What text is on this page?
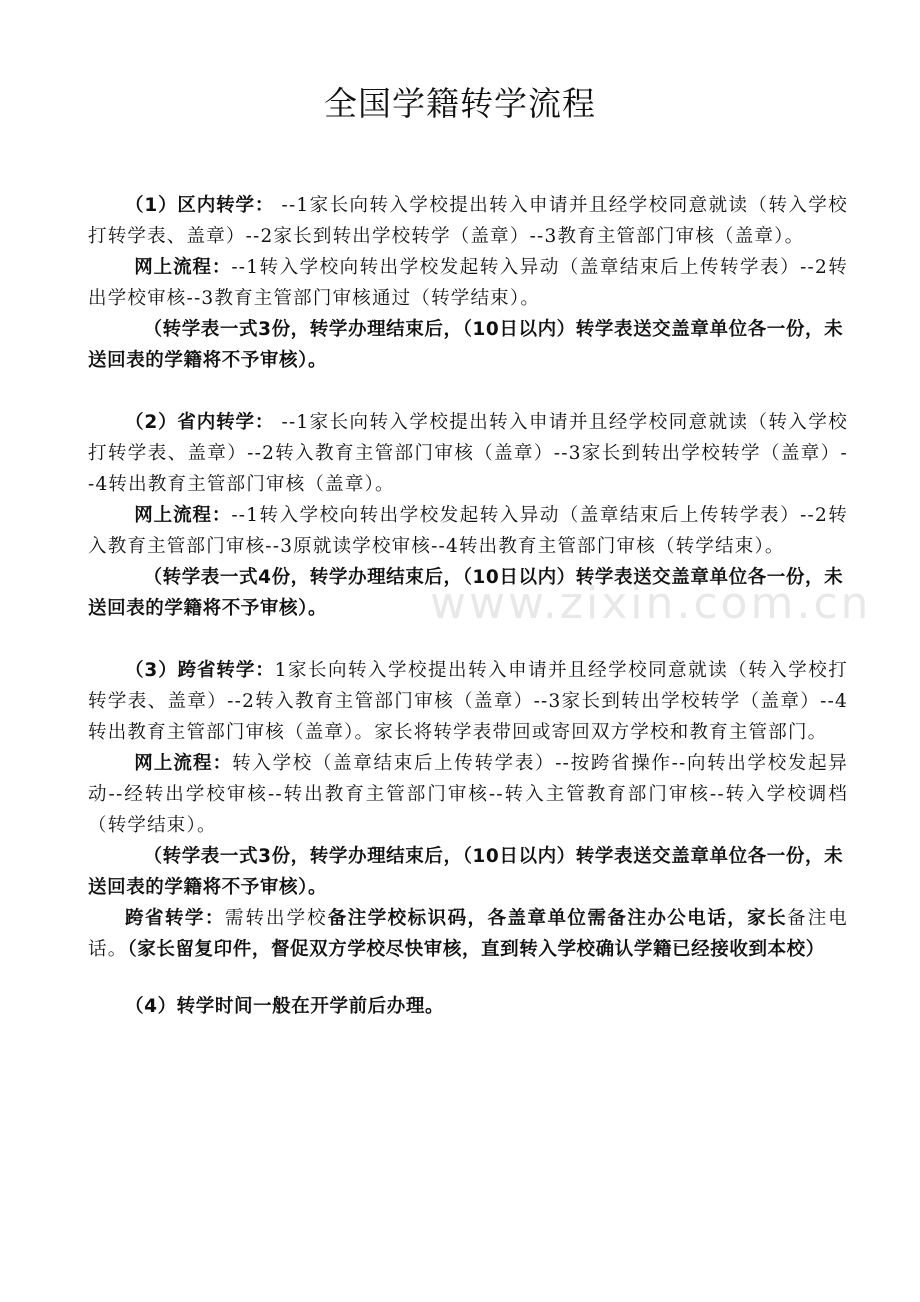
全国学籍转学流程

（1）区内转学： --1家长向转入学校提出转入申请并且经学校同意就读（转入学校打转学表、盖章）--2家长到转出学校转学（盖章）--3教育主管部门审核（盖章）。

网上流程：--1转入学校向转出学校发起转入异动（盖章结束后上传转学表）--2转出学校审核--3教育主管部门审核通过（转学结束）。

（转学表一式3份，转学办理结束后，（10日以内）转学表送交盖章单位各一份，未送回表的学籍将不予审核）。

（2）省内转学： --1家长向转入学校提出转入申请并且经学校同意就读（转入学校打转学表、盖章）--2转入教育主管部门审核（盖章）--3家长到转出学校转学（盖章）--4转出教育主管部门审核（盖章）。

网上流程：--1转入学校向转出学校发起转入异动（盖章结束后上传转学表）--2转入教育主管部门审核--3原就读学校审核--4转出教育主管部门审核（转学结束）。

（转学表一式4份，转学办理结束后，（10日以内）转学表送交盖章单位各一份，未送回表的学籍将不予审核）。

（3）跨省转学：1家长向转入学校提出转入申请并且经学校同意就读（转入学校打转学表、盖章）--2转入教育主管部门审核（盖章）--3家长到转出学校转学（盖章）--4转出教育主管部门审核（盖章）。家长将转学表带回或寄回双方学校和教育主管部门。

网上流程：转入学校（盖章结束后上传转学表）--按跨省操作--向转出学校发起异动--经转出学校审核--转出教育主管部门审核--转入主管教育部门审核--转入学校调档（转学结束）。

（转学表一式3份，转学办理结束后，（10日以内）转学表送交盖章单位各一份，未送回表的学籍将不予审核）。

跨省转学：需转出学校备注学校标识码，各盖章单位需备注办公电话，家长备注电话。（家长留复印件，督促双方学校尽快审核，直到转入学校确认学籍已经接收到本校）

（4）转学时间一般在开学前后办理。

www.zixin.com.cn
